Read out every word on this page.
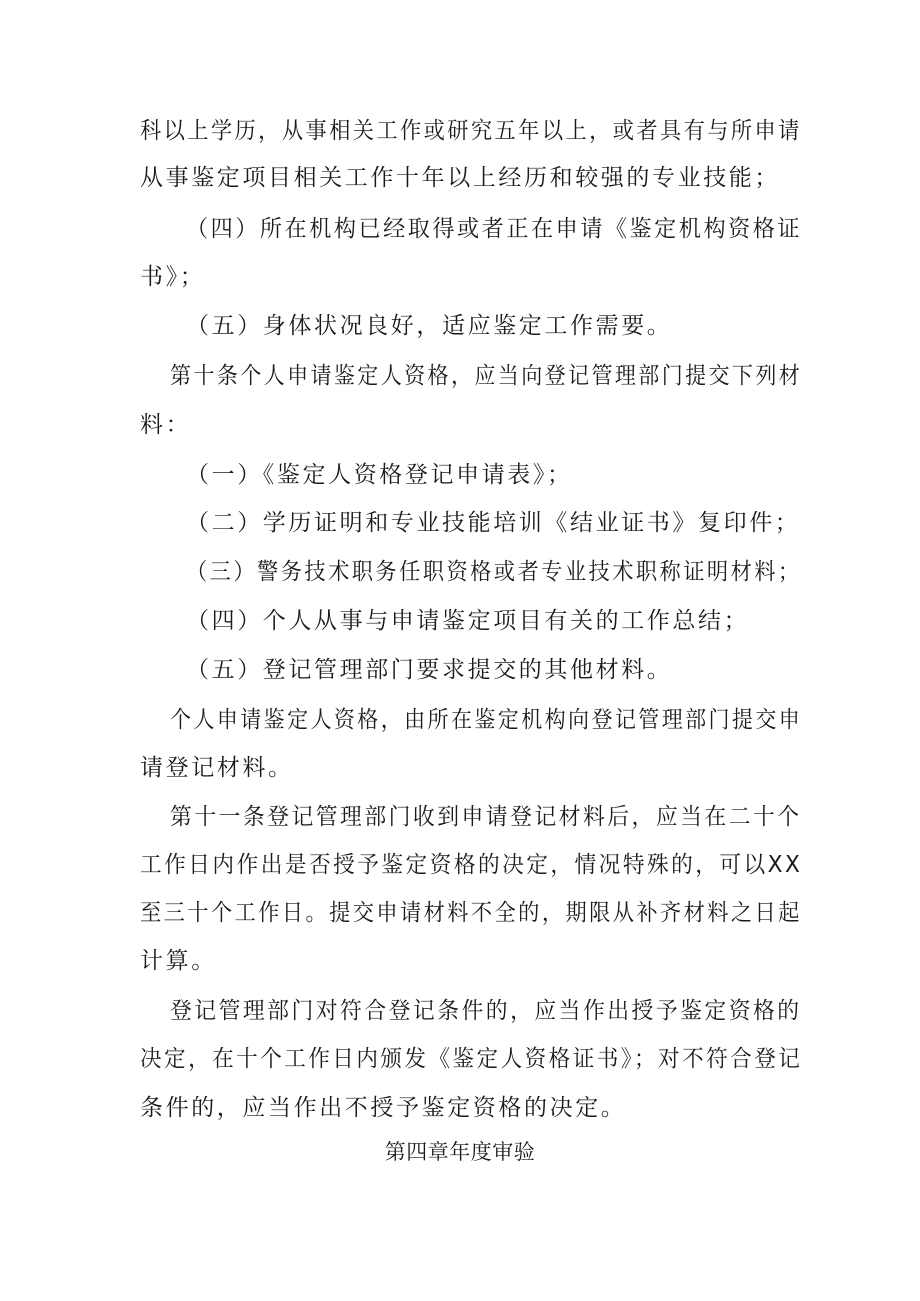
科以上学历，从事相关工作或研究五年以上，或者具有与所申请
从事鉴定项目相关工作十年以上经历和较强的专业技能；
（四）所在机构已经取得或者正在申请《鉴定机构资格证
书》；
（五）身体状况良好，适应鉴定工作需要。
第十条个人申请鉴定人资格，应当向登记管理部门提交下列材
料：
（一）《鉴定人资格登记申请表》；
（二）学历证明和专业技能培训《结业证书》复印件；
（三）警务技术职务任职资格或者专业技术职称证明材料；
（四）个人从事与申请鉴定项目有关的工作总结；
（五）登记管理部门要求提交的其他材料。
个人申请鉴定人资格，由所在鉴定机构向登记管理部门提交申
请登记材料。
第十一条登记管理部门收到申请登记材料后，应当在二十个
工作日内作出是否授予鉴定资格的决定，情况特殊的，可以XX
至三十个工作日。提交申请材料不全的，期限从补齐材料之日起
计算。
登记管理部门对符合登记条件的，应当作出授予鉴定资格的
决定，在十个工作日内颁发《鉴定人资格证书》；对不符合登记
条件的，应当作出不授予鉴定资格的决定。
第四章年度审验
